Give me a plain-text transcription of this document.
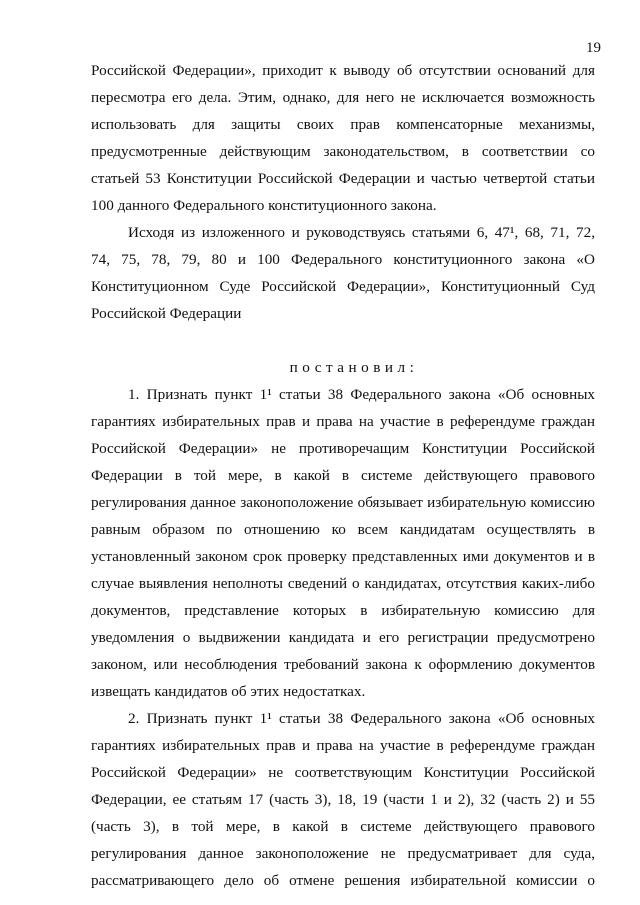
19
Российской Федерации», приходит к выводу об отсутствии оснований для
пересмотра его дела. Этим, однако, для него не исключается возможность
использовать для защиты своих прав компенсаторные механизмы,
предусмотренные действующим законодательством, в соответствии со
статьей 53 Конституции Российской Федерации и частью четвертой статьи
100 данного Федерального конституционного закона.
Исходя из изложенного и руководствуясь статьями 6, 47¹, 68, 71, 72,
74, 75, 78, 79, 80 и 100 Федерального конституционного закона «О
Конституционном Суде Российской Федерации», Конституционный Суд
Российской Федерации
постановил:
1. Признать пункт 1¹ статьи 38 Федерального закона «Об основных
гарантиях избирательных прав и права на участие в референдуме граждан
Российской Федерации» не противоречащим Конституции Российской
Федерации в той мере, в какой в системе действующего правового
регулирования данное законоположение обязывает избирательную комиссию
равным образом по отношению ко всем кандидатам осуществлять в
установленный законом срок проверку представленных ими документов и в
случае выявления неполноты сведений о кандидатах, отсутствия каких-либо
документов, представление которых в избирательную комиссию для
уведомления о выдвижении кандидата и его регистрации предусмотрено
законом, или несоблюдения требований закона к оформлению документов
извещать кандидатов об этих недостатках.
2. Признать пункт 1¹ статьи 38 Федерального закона «Об основных
гарантиях избирательных прав и права на участие в референдуме граждан
Российской Федерации» не соответствующим Конституции Российской
Федерации, ее статьям 17 (часть 3), 18, 19 (части 1 и 2), 32 (часть 2) и 55
(часть 3), в той мере, в какой в системе действующего правового
регулирования данное законоположение не предусматривает для суда,
рассматривающего дело об отмене решения избирательной комиссии о
